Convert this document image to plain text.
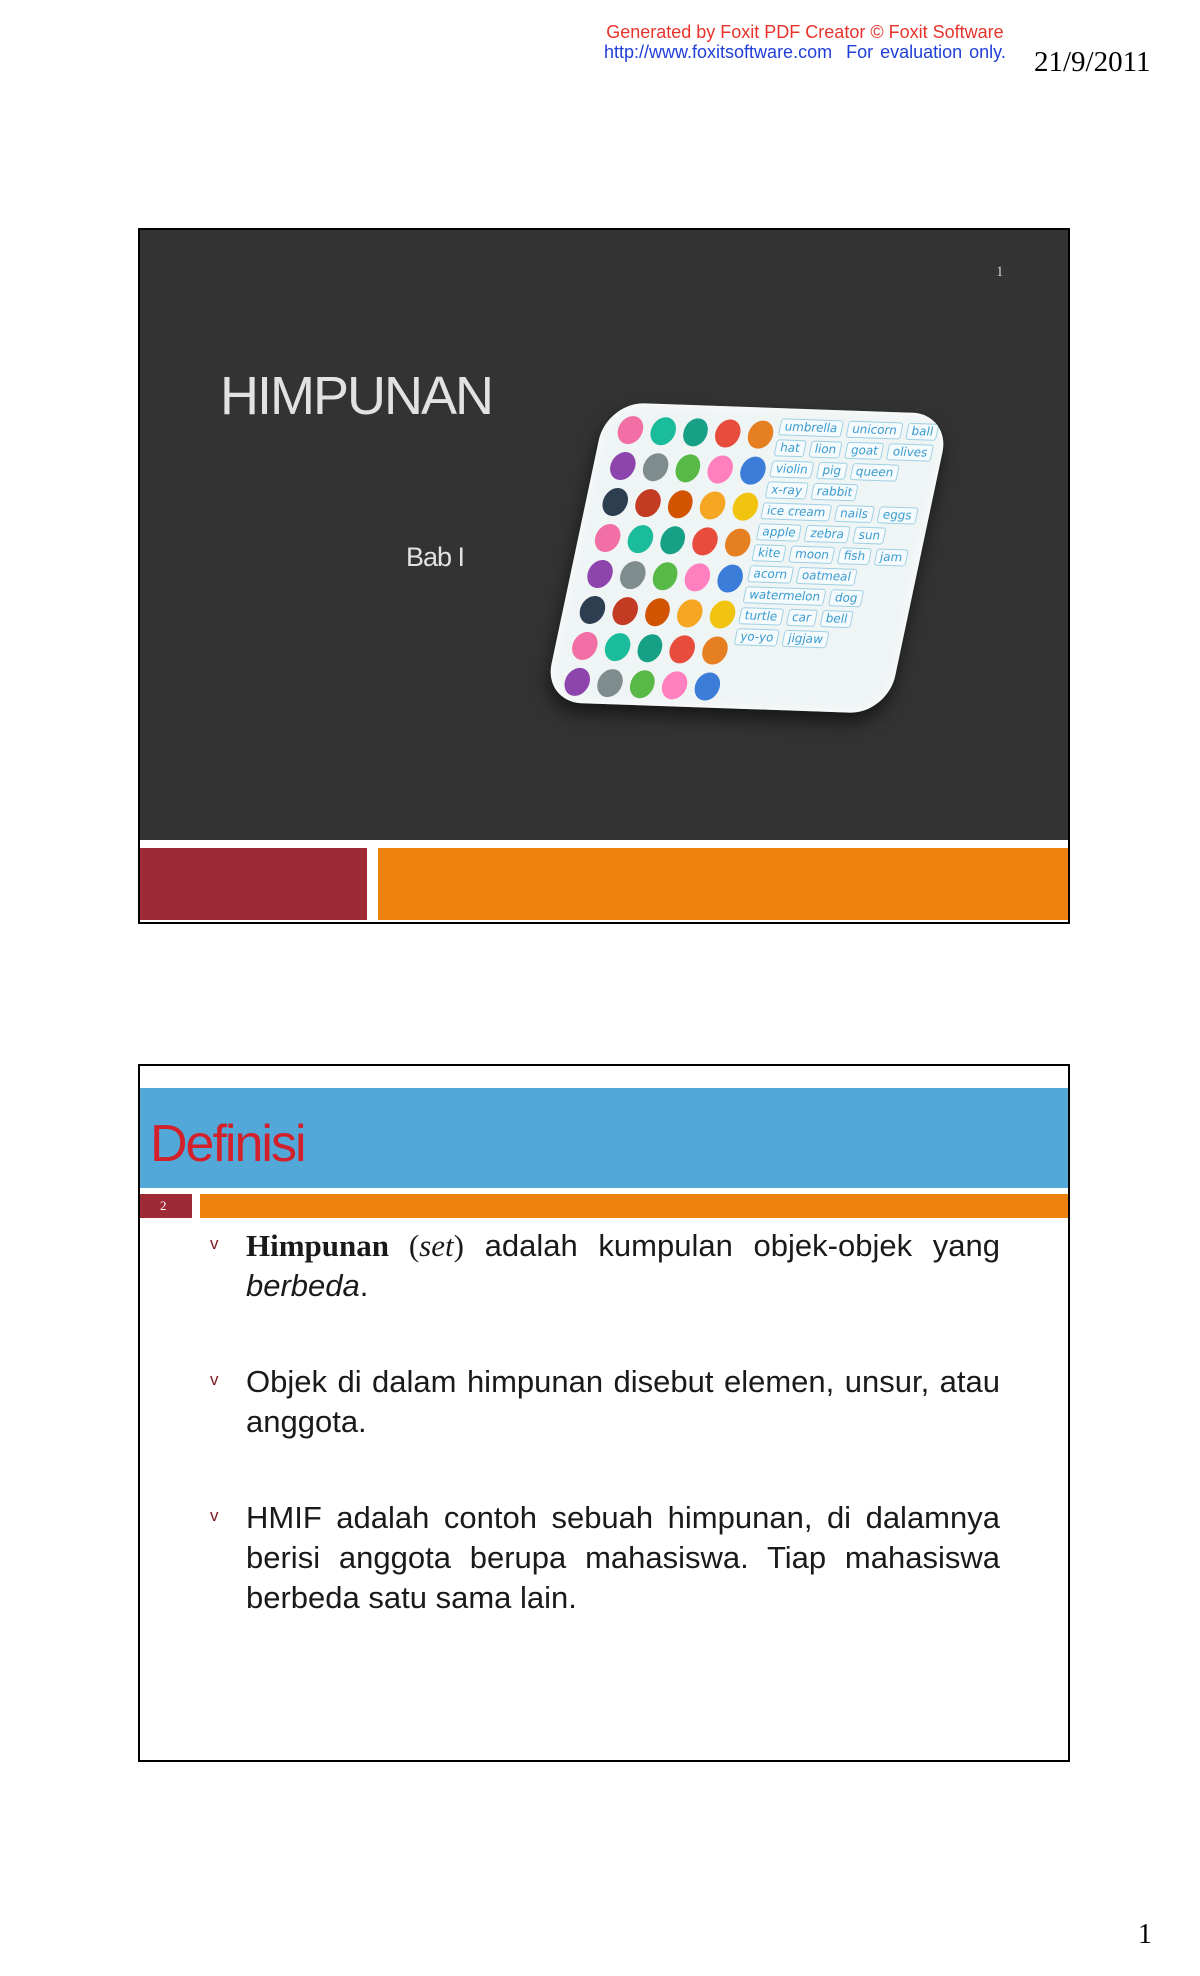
Generated by Foxit PDF Creator © Foxit Software
http://www.foxitsoftware.com For evaluation only. 21/9/2011
1
HIMPUNAN
Bab I
umbrella unicorn ball
hat lion goat olives
violin pig queen
x-ray rabbit
ice cream nails eggs
apple zebra sun
kite moon fish jam
acorn oatmeal
watermelon dog
turtle car bell
yo-yo jigjaw
Definisi
2
v Himpunan (set) adalah kumpulan objek-objek yang berbeda.
v Objek di dalam himpunan disebut elemen, unsur, atau anggota.
v HMIF adalah contoh sebuah himpunan, di dalamnya berisi anggota berupa mahasiswa. Tiap mahasiswa berbeda satu sama lain.
1
